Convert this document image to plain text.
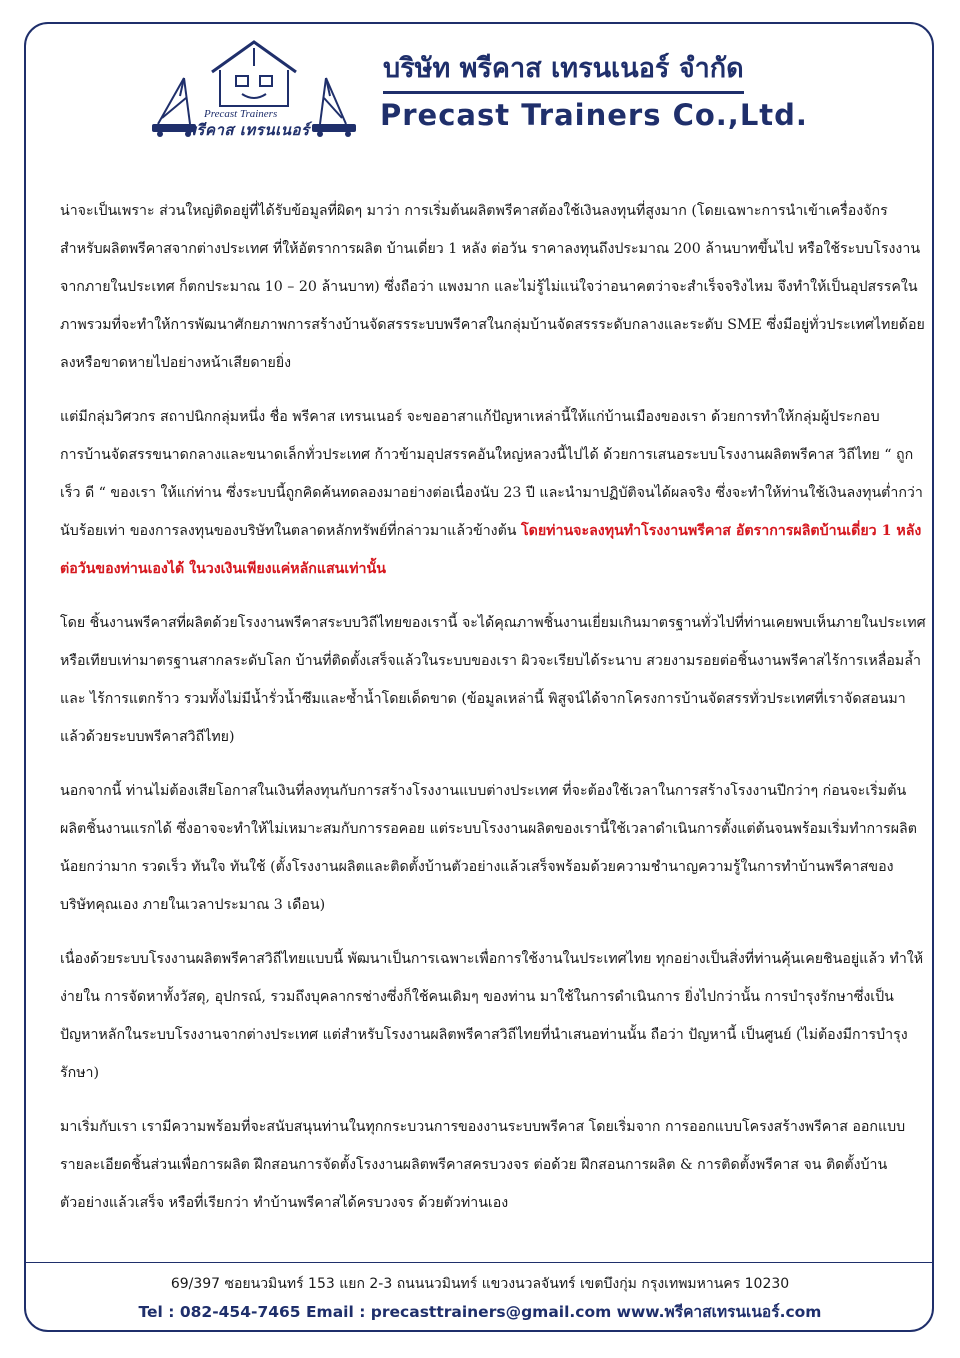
Precast Trainers
พรีคาส เทรนเนอร์
บริษัท พรีคาส เทรนเนอร์ จำกัด
Precast Trainers Co.,Ltd.

น่าจะเป็นเพราะ ส่วนใหญ่ติดอยู่ที่ได้รับข้อมูลที่ผิดๆ มาว่า การเริ่มต้นผลิตพรีคาสต้องใช้เงินลงทุนที่สูงมาก (โดยเฉพาะการนำเข้าเครื่องจักรสำหรับผลิตพรีคาสจากต่างประเทศ ที่ให้อัตราการผลิต บ้านเดี่ยว 1 หลัง ต่อวัน ราคาลงทุนถึงประมาณ 200 ล้านบาทขึ้นไป หรือใช้ระบบโรงงานจากภายในประเทศ ก็ตกประมาณ 10 – 20 ล้านบาท) ซึ่งถือว่า แพงมาก และไม่รู้ไม่แน่ใจว่าอนาคตว่าจะสำเร็จจริงไหม จึงทำให้เป็นอุปสรรคในภาพรวมที่จะทำให้การพัฒนาศักยภาพการสร้างบ้านจัดสรรระบบพรีคาสในกลุ่มบ้านจัดสรรระดับกลางและระดับ SME ซึ่งมีอยู่ทั่วประเทศไทยด้อยลงหรือขาดหายไปอย่างหน้าเสียดายยิ่ง

แต่มีกลุ่มวิศวกร สถาปนิกกลุ่มหนึ่ง ชื่อ พรีคาส เทรนเนอร์ จะขออาสาแก้ปัญหาเหล่านี้ให้แก่บ้านเมืองของเรา ด้วยการทำให้กลุ่มผู้ประกอบการบ้านจัดสรรขนาดกลางและขนาดเล็กทั่วประเทศ ก้าวข้ามอุปสรรคอันใหญ่หลวงนี้ไปได้ ด้วยการเสนอระบบโรงงานผลิตพรีคาส วิถีไทย “ ถูก เร็ว ดี “ ของเรา ให้แก่ท่าน ซึ่งระบบนี้ถูกคิดค้นทดลองมาอย่างต่อเนื่องนับ 23 ปี และนำมาปฏิบัติจนได้ผลจริง ซึ่งจะทำให้ท่านใช้เงินลงทุนต่ำกว่านับร้อยเท่า ของการลงทุนของบริษัทในตลาดหลักทรัพย์ที่กล่าวมาแล้วข้างต้น โดยท่านจะลงทุนทำโรงงานพรีคาส อัตราการผลิตบ้านเดี่ยว 1 หลัง ต่อวันของท่านเองได้ ในวงเงินเพียงแค่หลักแสนเท่านั้น

โดย ชิ้นงานพรีคาสที่ผลิตด้วยโรงงานพรีคาสระบบวิถีไทยของเรานี้ จะได้คุณภาพชิ้นงานเยี่ยมเกินมาตรฐานทั่วไปที่ท่านเคยพบเห็นภายในประเทศ หรือเทียบเท่ามาตรฐานสากลระดับโลก บ้านที่ติดตั้งเสร็จแล้วในระบบของเรา ผิวจะเรียบได้ระนาบ สวยงามรอยต่อชิ้นงานพรีคาสไร้การเหลื่อมล้ำและ ไร้การแตกร้าว รวมทั้งไม่มีน้ำรั่วน้ำซึมและซ้ำน้ำโดยเด็ดขาด (ข้อมูลเหล่านี้ พิสูจน์ได้จากโครงการบ้านจัดสรรทั่วประเทศที่เราจัดสอนมาแล้วด้วยระบบพรีคาสวิถีไทย)

นอกจากนี้ ท่านไม่ต้องเสียโอกาสในเงินที่ลงทุนกับการสร้างโรงงานแบบต่างประเทศ ที่จะต้องใช้เวลาในการสร้างโรงงานปีกว่าๆ ก่อนจะเริ่มต้นผลิตชิ้นงานแรกได้ ซึ่งอาจจะทำให้ไม่เหมาะสมกับการรอคอย แต่ระบบโรงงานผลิตของเรานี้ใช้เวลาดำเนินการตั้งแต่ต้นจนพร้อมเริ่มทำการผลิตน้อยกว่ามาก รวดเร็ว ทันใจ ทันใช้ (ตั้งโรงงานผลิตและติดตั้งบ้านตัวอย่างแล้วเสร็จพร้อมด้วยความชำนาญความรู้ในการทำบ้านพรีคาสของบริษัทคุณเอง ภายในเวลาประมาณ 3 เดือน)

เนื่องด้วยระบบโรงงานผลิตพรีคาสวิถีไทยแบบนี้ พัฒนาเป็นการเฉพาะเพื่อการใช้งานในประเทศไทย ทุกอย่างเป็นสิ่งที่ท่านคุ้นเคยชินอยู่แล้ว ทำให้ ง่ายใน การจัดหาทั้งวัสดุ, อุปกรณ์, รวมถึงบุคลากรช่างซึ่งก็ใช้คนเดิมๆ ของท่าน มาใช้ในการดำเนินการ ยิ่งไปกว่านั้น การบำรุงรักษาซึ่งเป็นปัญหาหลักในระบบโรงงานจากต่างประเทศ แต่สำหรับโรงงานผลิตพรีคาสวิถีไทยที่นำเสนอท่านนั้น ถือว่า ปัญหานี้ เป็นศูนย์ (ไม่ต้องมีการบำรุงรักษา)

มาเริ่มกับเรา เรามีความพร้อมที่จะสนับสนุนท่านในทุกกระบวนการของงานระบบพรีคาส โดยเริ่มจาก การออกแบบโครงสร้างพรีคาส ออกแบบรายละเอียดชิ้นส่วนเพื่อการผลิต ฝึกสอนการจัดตั้งโรงงานผลิตพรีคาสครบวงจร ต่อด้วย ฝึกสอนการผลิต & การติดตั้งพรีคาส จน ติดตั้งบ้านตัวอย่างแล้วเสร็จ หรือที่เรียกว่า ทำบ้านพรีคาสได้ครบวงจร ด้วยตัวท่านเอง

69/397 ซอยนวมินทร์ 153 แยก 2-3 ถนนนวมินทร์ แขวงนวลจันทร์ เขตบึงกุ่ม กรุงเทพมหานคร 10230
Tel : 082-454-7465 Email : precasttrainers@gmail.com www.พรีคาสเทรนเนอร์.com
